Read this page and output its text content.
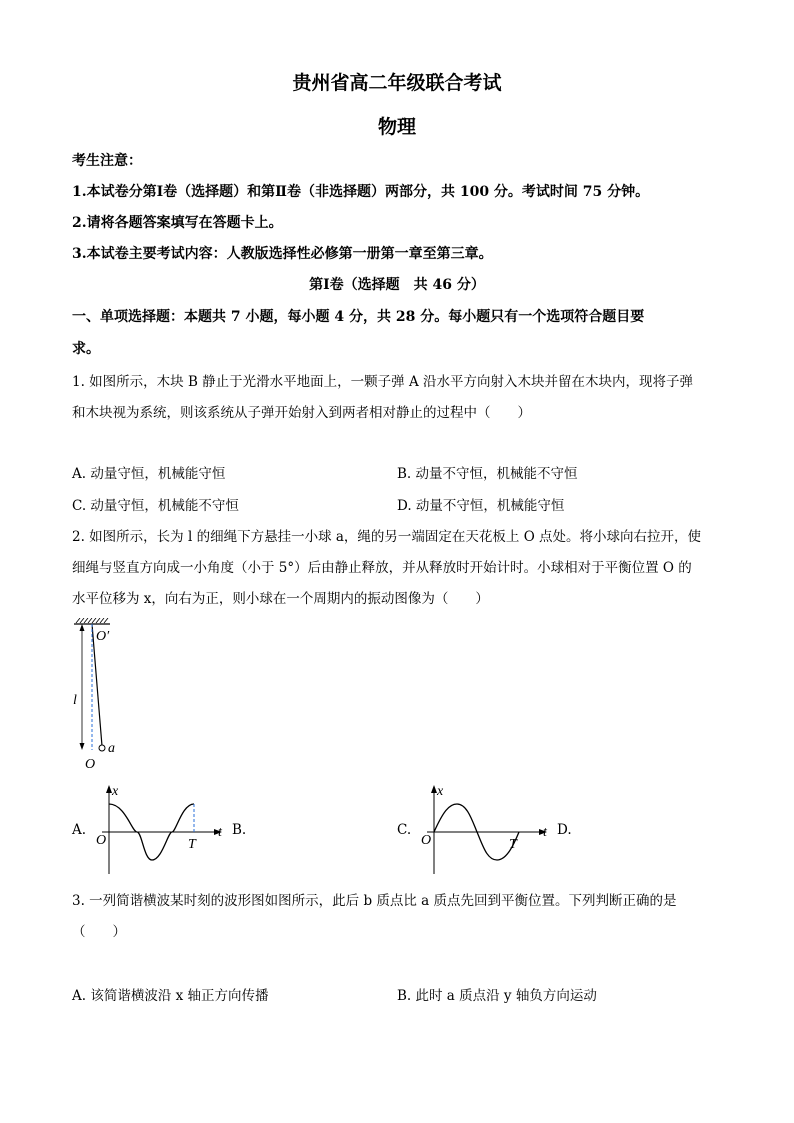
贵州省高二年级联合考试
物理
考生注意：
1.本试卷分第Ⅰ卷（选择题）和第Ⅱ卷（非选择题）两部分，共 100 分。考试时间 75 分钟。
2.请将各题答案填写在答题卡上。
3.本试卷主要考试内容：人教版选择性必修第一册第一章至第三章。
第Ⅰ卷（选择题　共 46 分）
一、单项选择题：本题共 7 小题，每小题 4 分，共 28 分。每小题只有一个选项符合题目要
求。
1. 如图所示，木块 B 静止于光滑水平地面上，一颗子弹 A 沿水平方向射入木块并留在木块内，现将子弹
和木块视为系统，则该系统从子弹开始射入到两者相对静止的过程中（　　）
A. 动量守恒，机械能守恒	B. 动量不守恒，机械能不守恒
C. 动量守恒，机械能不守恒	D. 动量不守恒，机械能守恒
2. 如图所示，长为 l 的细绳下方悬挂一小球 a，绳的另一端固定在天花板上 O 点处。将小球向右拉开，使
细绳与竖直方向成一小角度（小于 5°）后由静止释放，并从释放时开始计时。小球相对于平衡位置 O 的
水平位移为 x，向右为正，则小球在一个周期内的振动图像为（　　）
O′
l
O
a
A.
x
O	T
t B.	C.
x
O	T
t D.
3. 一列简谐横波某时刻的波形图如图所示，此后 b 质点比 a 质点先回到平衡位置。下列判断正确的是
（　　）
A. 该简谐横波沿 x 轴正方向传播	B. 此时 a 质点沿 y 轴负方向运动
